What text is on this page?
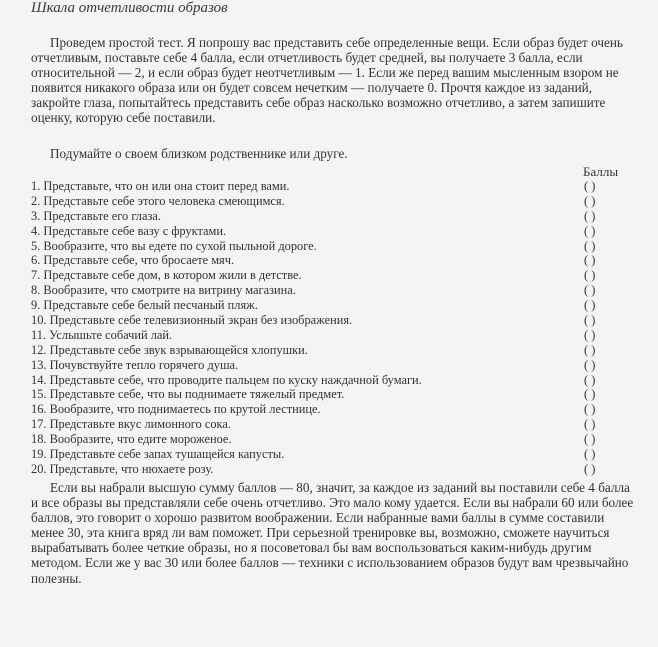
Шкала отчетливости образов

Проведем простой тест. Я попрошу вас представить себе определенные вещи. Если образ будет очень отчетливым, поставьте себе 4 балла, если отчетливость будет средней, вы получаете 3 балла, если относительной — 2, и если образ будет неотчетливым — 1. Если же перед вашим мысленным взором не появится никакого образа или он будет совсем нечетким — получаете 0. Прочтя каждое из заданий, закройте глаза, попытайтесь представить себе образ насколько возможно отчетливо, а затем запишите оценку, которую себе поставили.

Подумайте о своем близком родственнике или друге.

Баллы
1. Представьте, что он или она стоит перед вами.	( )
2. Представьте себе этого человека смеющимся.	( )
3. Представьте его глаза.	( )
4. Представьте себе вазу с фруктами.	( )
5. Вообразите, что вы едете по сухой пыльной дороге.	( )
6. Представьте себе, что бросаете мяч.	( )
7. Представьте себе дом, в котором жили в детстве.	( )
8. Вообразите, что смотрите на витрину магазина.	( )
9. Представьте себе белый песчаный пляж.	( )
10. Представьте себе телевизионный экран без изображения.	( )
11. Услышьте собачий лай.	( )
12. Представьте себе звук взрывающейся хлопушки.	( )
13. Почувствуйте тепло горячего душа.	( )
14. Представьте себе, что проводите пальцем по куску наждачной бумаги.	( )
15. Представьте себе, что вы поднимаете тяжелый предмет.	( )
16. Вообразите, что поднимаетесь по крутой лестнице.	( )
17. Представьте вкус лимонного сока.	( )
18. Вообразите, что едите мороженое.	( )
19. Представьте себе запах тушащейся капусты.	( )
20. Представьте, что нюхаете розу.	( )

Если вы набрали высшую сумму баллов — 80, значит, за каждое из заданий вы поставили себе 4 балла и все образы вы представляли себе очень отчетливо. Это мало кому удается. Если вы набрали 60 или более баллов, это говорит о хорошо развитом воображении. Если набранные вами баллы в сумме составили менее 30, эта книга вряд ли вам поможет. При серьезной тренировке вы, возможно, сможете научиться вырабатывать более четкие образы, но я посоветовал бы вам воспользоваться каким-нибудь другим методом. Если же у вас 30 или более баллов — техники с использованием образов будут вам чрезвычайно полезны.
